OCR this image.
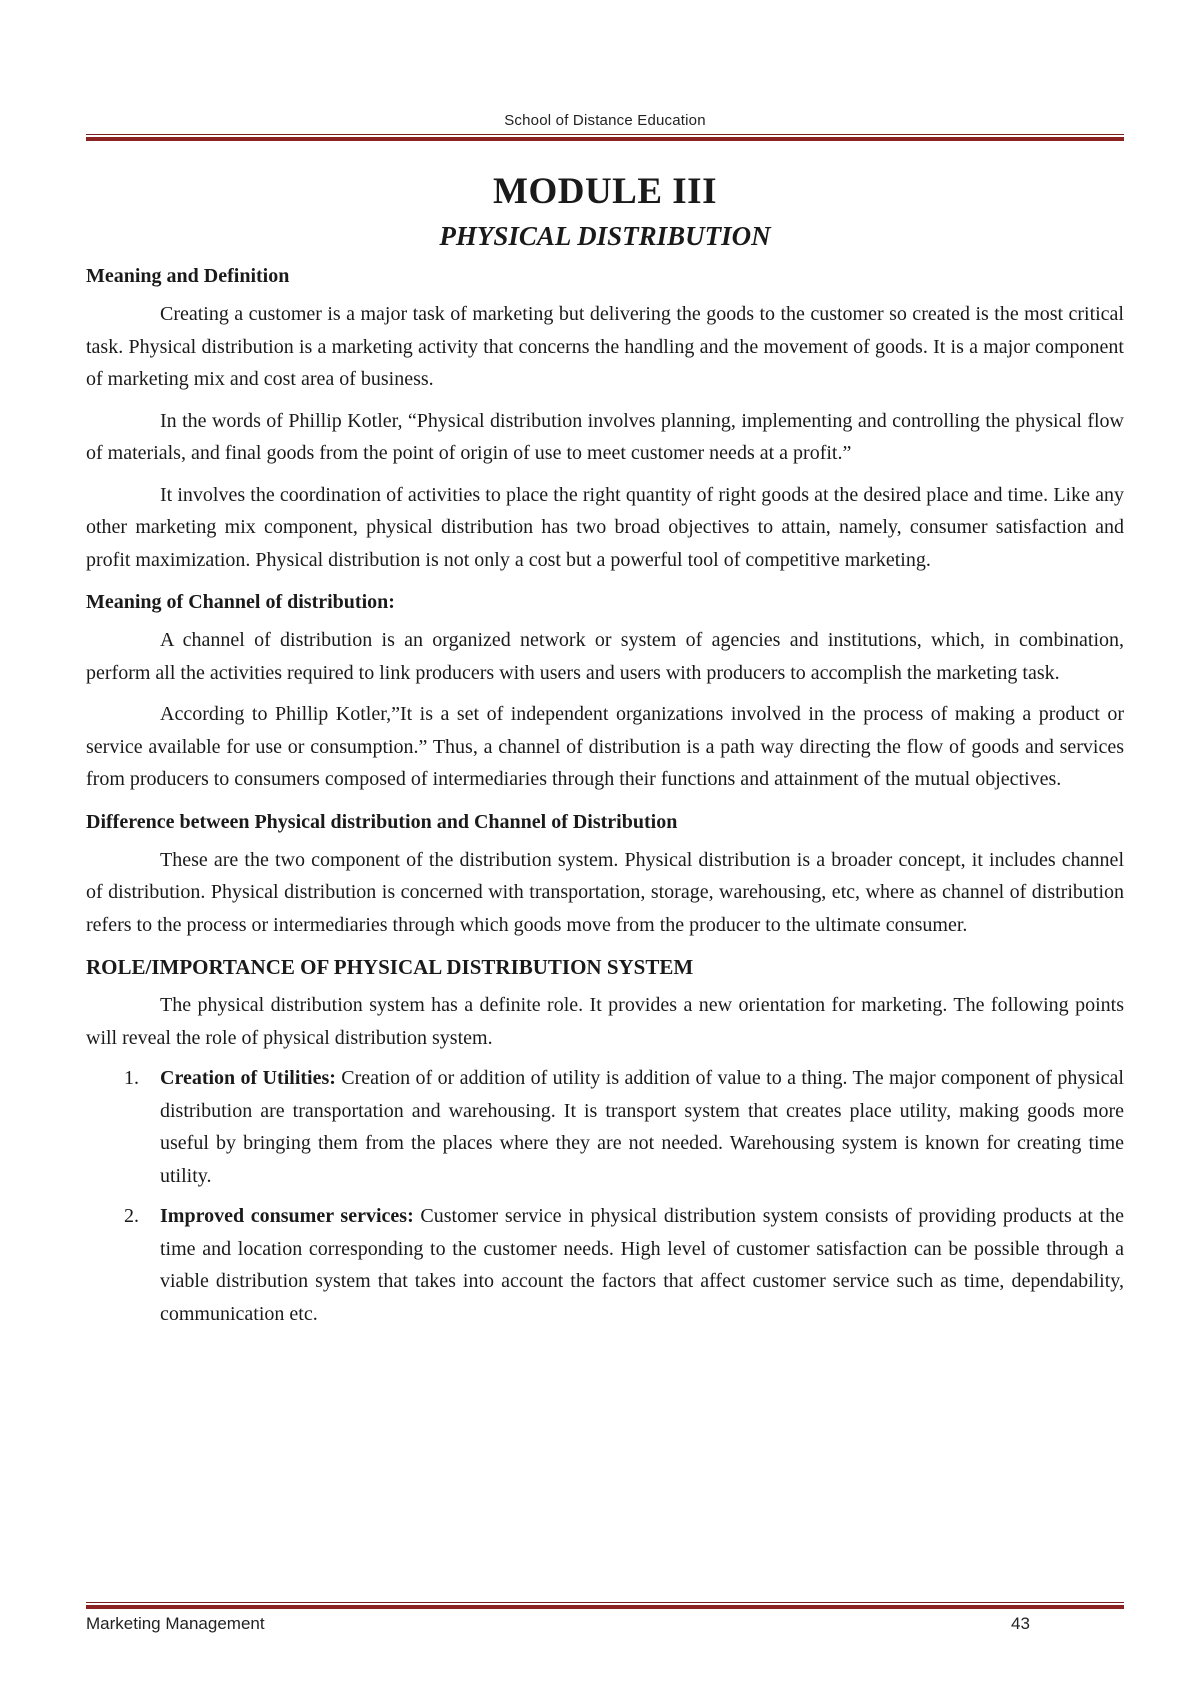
School of Distance Education
MODULE III
PHYSICAL DISTRIBUTION
Meaning and Definition

Creating a customer is a major task of marketing but delivering the goods to the customer so created is the most critical task. Physical distribution is a marketing activity that concerns the handling and the movement of goods. It is a major component of marketing mix and cost area of business.

In the words of Phillip Kotler, “Physical distribution involves planning, implementing and controlling the physical flow of materials, and final goods from the point of origin of use to meet customer needs at a profit.”

It involves the coordination of activities to place the right quantity of right goods at the desired place and time. Like any other marketing mix component, physical distribution has two broad objectives to attain, namely, consumer satisfaction and profit maximization. Physical distribution is not only a cost but a powerful tool of competitive marketing.

Meaning of Channel of distribution:

A channel of distribution is an organized network or system of agencies and institutions, which, in combination, perform all the activities required to link producers with users and users with producers to accomplish the marketing task.

According to Phillip Kotler,”It is a set of independent organizations involved in the process of making a product or service available for use or consumption.” Thus, a channel of distribution is a path way directing the flow of goods and services from producers to consumers composed of intermediaries through their functions and attainment of the mutual objectives.

Difference between Physical distribution and Channel of Distribution

These are the two component of the distribution system. Physical distribution is a broader concept, it includes channel of distribution. Physical distribution is concerned with transportation, storage, warehousing, etc, where as channel of distribution refers to the process or intermediaries through which goods move from the producer to the ultimate consumer.

ROLE/IMPORTANCE OF PHYSICAL DISTRIBUTION SYSTEM

The physical distribution system has a definite role. It provides a new orientation for marketing. The following points will reveal the role of physical distribution system.

1. Creation of Utilities: Creation of or addition of utility is addition of value to a thing. The major component of physical distribution are transportation and warehousing. It is transport system that creates place utility, making goods more useful by bringing them from the places where they are not needed. Warehousing system is known for creating time utility.
2. Improved consumer services: Customer service in physical distribution system consists of providing products at the time and location corresponding to the customer needs. High level of customer satisfaction can be possible through a viable distribution system that takes into account the factors that affect customer service such as time, dependability, communication etc.
Marketing Management	43
